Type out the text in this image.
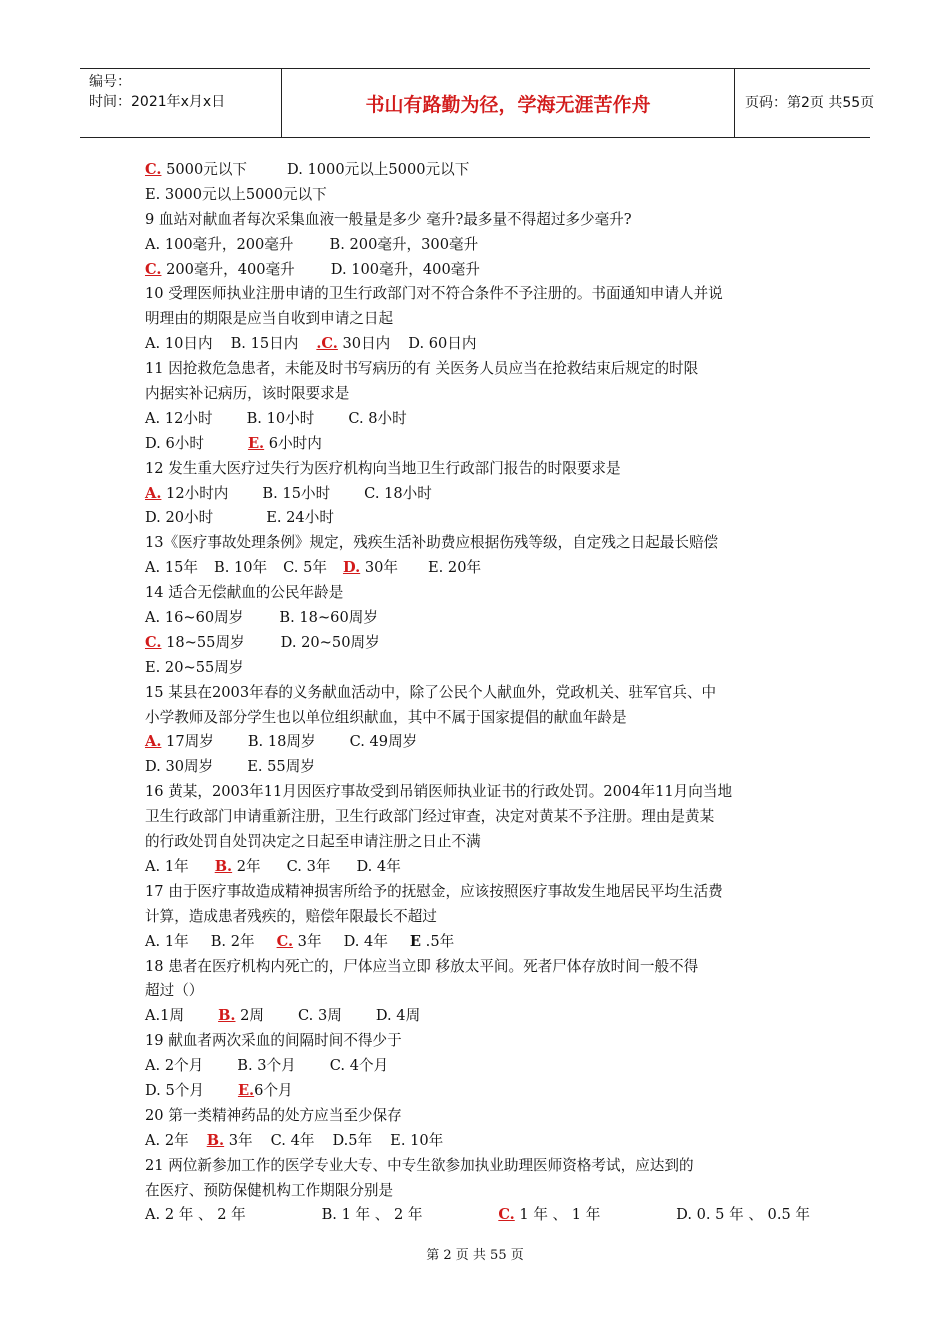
编号：
时间：2021年x月x日	书山有路勤为径，学海无涯苦作舟	页码：第2页 共55页
C. 5000元以下	D. 1000元以上5000元以下
E. 3000元以上5000元以下
9 血站对献血者每次采集血液一般量是多少 毫升?最多量不得超过多少毫升?
A. 100毫升，200毫升 B. 200毫升，300毫升
C. 200毫升，400毫升 D. 100毫升，400毫升
10 受理医师执业注册申请的卫生行政部门对不符合条件不予注册的。书面通知申请人并说
明理由的期限是应当自收到申请之日起
A. 10日内 B. 15日内 .C. 30日内 D. 60日内
11 因抢救危急患者，未能及时书写病历的有 关医务人员应当在抢救结束后规定的时限
内据实补记病历，该时限要求是
A. 12小时 B. 10小时 C. 8小时
D. 6小时	E. 6小时内
12 发生重大医疗过失行为医疗机构向当地卫生行政部门报告的时限要求是
A. 12小时内 B. 15小时 C. 18小时
D. 20小时	E. 24小时
13《医疗事故处理条例》规定，残疾生活补助费应根据伤残等级，自定残之日起最长赔偿
A. 15年 B. 10年 C. 5年 D. 30年 E. 20年
14 适合无偿献血的公民年龄是
A. 16~60周岁 B. 18~60周岁
C. 18~55周岁 D. 20~50周岁
E. 20~55周岁
15 某县在2003年春的义务献血活动中，除了公民个人献血外，党政机关、驻军官兵、中
小学教师及部分学生也以单位组织献血，其中不属于国家提倡的献血年龄是
A. 17周岁 B. 18周岁 C. 49周岁
D. 30周岁 E. 55周岁
16 黄某，2003年11月因医疗事故受到吊销医师执业证书的行政处罚。2004年11月向当地
卫生行政部门申请重新注册，卫生行政部门经过审查，决定对黄某不予注册。理由是黄某
的行政处罚自处罚决定之日起至申请注册之日止不满
A. 1年 B. 2年 C. 3年 D. 4年
17 由于医疗事故造成精神损害所给予的抚慰金，应该按照医疗事故发生地居民平均生活费
计算，造成患者残疾的，赔偿年限最长不超过
A. 1年 B. 2年 C. 3年 D. 4年 E .5年
18 患者在医疗机构内死亡的，尸体应当立即 移放太平间。死者尸体存放时间一般不得
超过（）
A.1周 B. 2周 C. 3周 D. 4周
19 献血者两次采血的间隔时间不得少于
A. 2个月 B. 3个月 C. 4个月
D. 5个月 E.6个月
20 第一类精神药品的处方应当至少保存
A. 2年 B. 3年 C. 4年 D.5年 E. 10年
21 两位新参加工作的医学专业大专、中专生欲参加执业助理医师资格考试，应达到的
在医疗、预防保健机构工作期限分别是
A. 2 年 、 2 年	B. 1 年 、 2 年	C. 1 年 、 1 年	D. 0. 5 年 、 0.5 年
第 2 页 共 55 页
